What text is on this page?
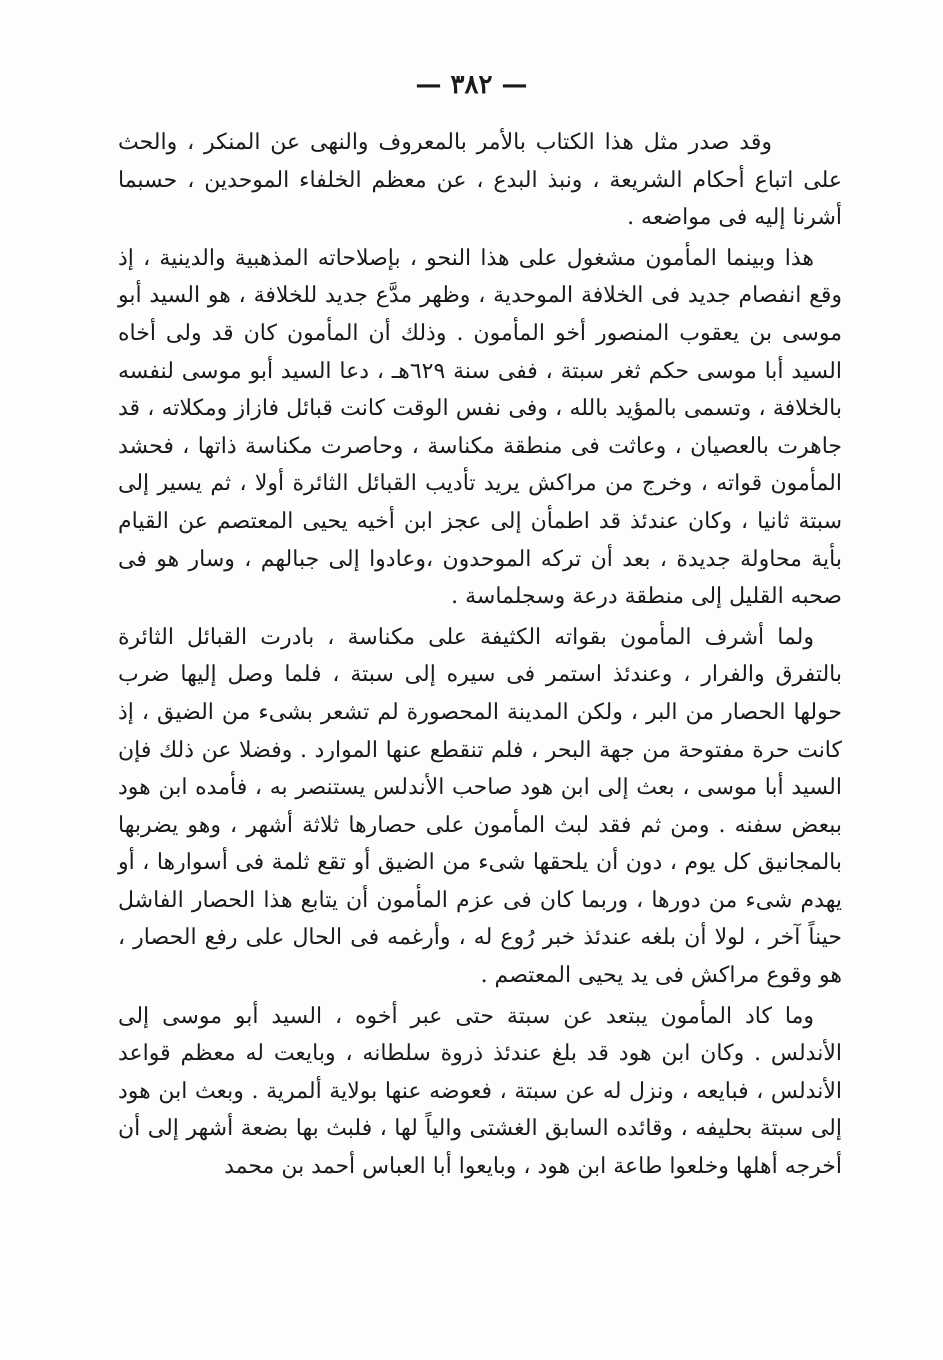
— ٣٨٢ —

وقد صدر مثل هذا الكتاب بالأمر بالمعروف والنهى عن المنكر ، والحث على اتباع أحكام الشريعة ، ونبذ البدع ، عن معظم الخلفاء الموحدين ، حسبما أشرنا إليه فى مواضعه .

هذا وبينما المأمون مشغول على هذا النحو ، بإصلاحاته المذهبية والدينية ، إذ وقع انفصام جديد فى الخلافة الموحدية ، وظهر مدَّع جديد للخلافة ، هو السيد أبو موسى بن يعقوب المنصور أخو المأمون . وذلك أن المأمون كان قد ولى أخاه السيد أبا موسى حكم ثغر سبتة ، ففى سنة ٦٢٩هـ ، دعا السيد أبو موسى لنفسه بالخلافة ، وتسمى بالمؤيد بالله ، وفى نفس الوقت كانت قبائل فازاز ومكلاته ، قد جاهرت بالعصيان ، وعاثت فى منطقة مكناسة ، وحاصرت مكناسة ذاتها ، فحشد المأمون قواته ، وخرج من مراكش يريد تأديب القبائل الثائرة أولا ، ثم يسير إلى سبتة ثانيا ، وكان عندئذ قد اطمأن إلى عجز ابن أخيه يحيى المعتصم عن القيام بأية محاولة جديدة ، بعد أن تركه الموحدون ،وعادوا إلى جبالهم ، وسار هو فى صحبه القليل إلى منطقة درعة وسجلماسة .

ولما أشرف المأمون بقواته الكثيفة على مكناسة ، بادرت القبائل الثائرة بالتفرق والفرار ، وعندئذ استمر فى سيره إلى سبتة ، فلما وصل إليها ضرب حولها الحصار من البر ، ولكن المدينة المحصورة لم تشعر بشىء من الضيق ، إذ كانت حرة مفتوحة من جهة البحر ، فلم تنقطع عنها الموارد . وفضلا عن ذلك فإن السيد أبا موسى ، بعث إلى ابن هود صاحب الأندلس يستنصر به ، فأمده ابن هود ببعض سفنه . ومن ثم فقد لبث المأمون على حصارها ثلاثة أشهر ، وهو يضربها بالمجانيق كل يوم ، دون أن يلحقها شىء من الضيق أو تقع ثلمة فى أسوارها ، أو يهدم شىء من دورها ، وربما كان فى عزم المأمون أن يتابع هذا الحصار الفاشل حيناً آخر ، لولا أن بلغه عندئذ خبر رُوع له ، وأرغمه فى الحال على رفع الحصار ، هو وقوع مراكش فى يد يحيى المعتصم .

وما كاد المأمون يبتعد عن سبتة حتى عبر أخوه ، السيد أبو موسى إلى الأندلس . وكان ابن هود قد بلغ عندئذ ذروة سلطانه ، وبايعت له معظم قواعد الأندلس ، فبايعه ، ونزل له عن سبتة ، فعوضه عنها بولاية ألمرية . وبعث ابن هود إلى سبتة بحليفه ، وقائده السابق الغشتى والياً لها ، فلبث بها بضعة أشهر إلى أن أخرجه أهلها وخلعوا طاعة ابن هود ، وبايعوا أبا العباس أحمد بن محمد
